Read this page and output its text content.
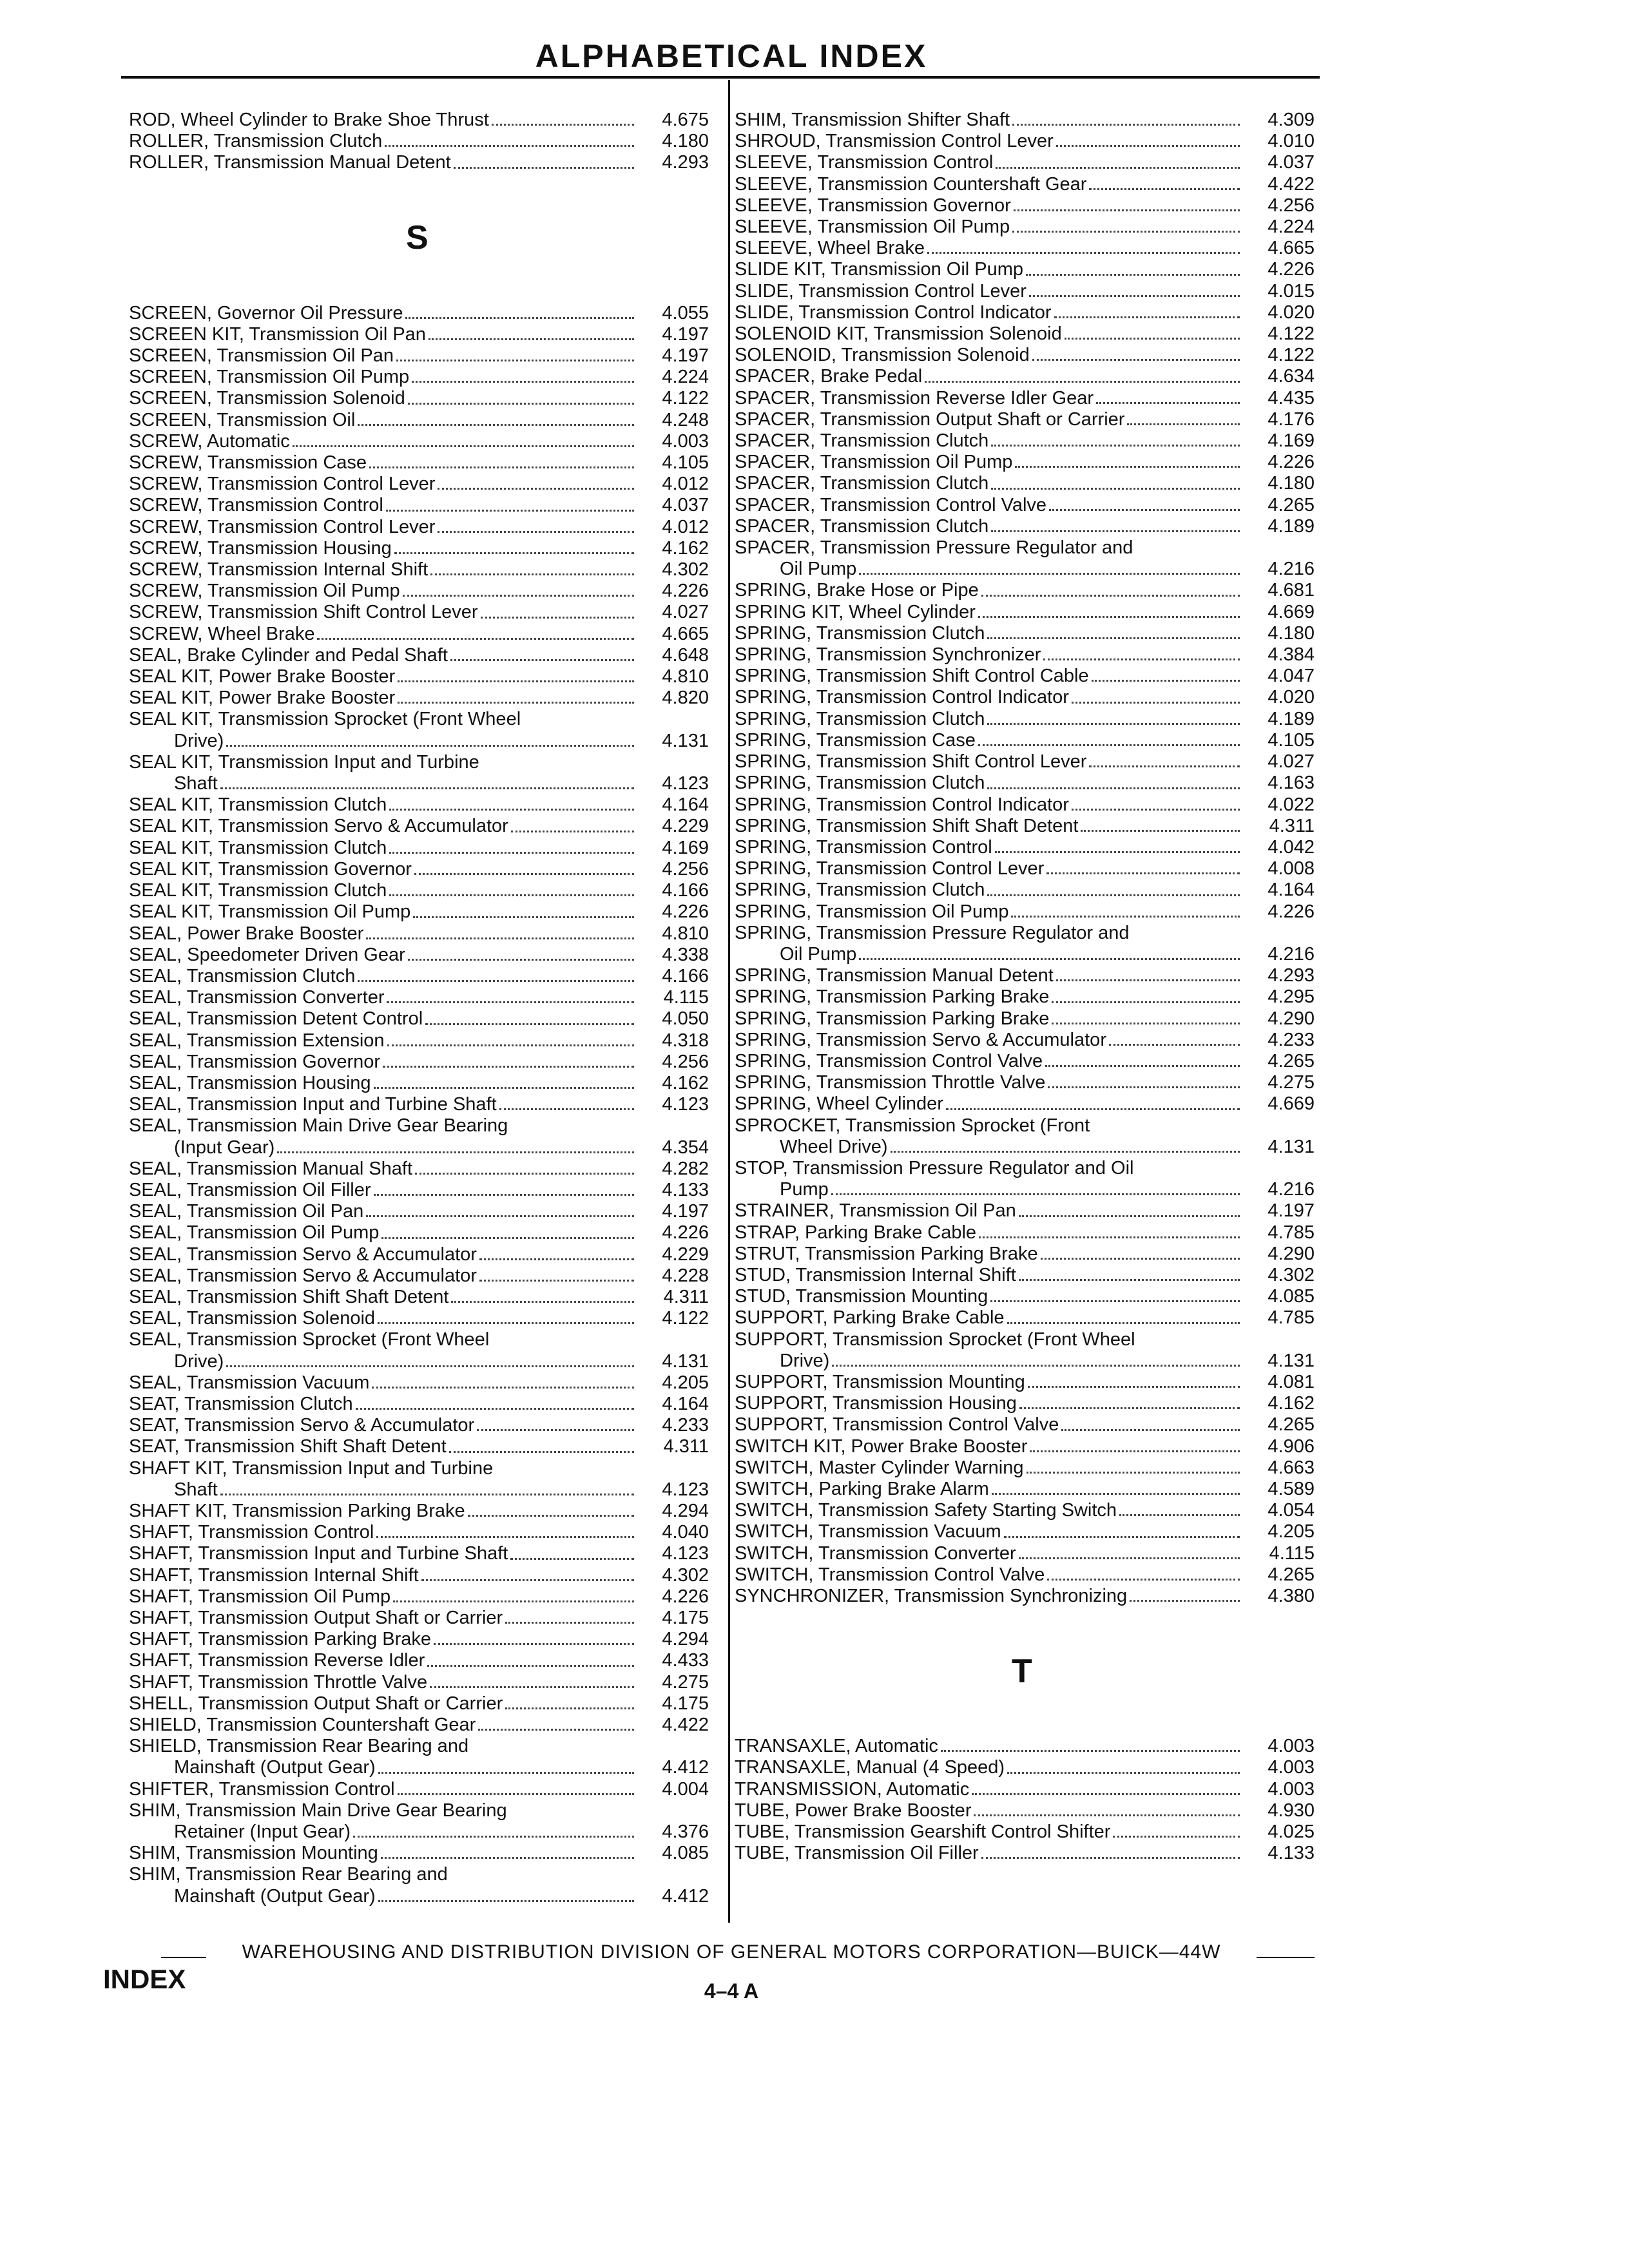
ALPHABETICAL INDEX
ROD, Wheel Cylinder to Brake Shoe Thrust	4.675
ROLLER, Transmission Clutch	4.180
ROLLER, Transmission Manual Detent	4.293
S
SCREEN, Governor Oil Pressure	4.055
SCREEN KIT, Transmission Oil Pan	4.197
SCREEN, Transmission Oil Pan	4.197
SCREEN, Transmission Oil Pump	4.224
SCREEN, Transmission Solenoid	4.122
SCREEN, Transmission Oil	4.248
SCREW, Automatic	4.003
SCREW, Transmission Case	4.105
SCREW, Transmission Control Lever	4.012
SCREW, Transmission Control	4.037
SCREW, Transmission Control Lever	4.012
SCREW, Transmission Housing	4.162
SCREW, Transmission Internal Shift	4.302
SCREW, Transmission Oil Pump	4.226
SCREW, Transmission Shift Control Lever	4.027
SCREW, Wheel Brake	4.665
SEAL, Brake Cylinder and Pedal Shaft	4.648
SEAL KIT, Power Brake Booster	4.810
SEAL KIT, Power Brake Booster	4.820
SEAL KIT, Transmission Sprocket (Front Wheel
Drive)	4.131
SEAL KIT, Transmission Input and Turbine
Shaft	4.123
SEAL KIT, Transmission Clutch	4.164
SEAL KIT, Transmission Servo & Accumulator	4.229
SEAL KIT, Transmission Clutch	4.169
SEAL KIT, Transmission Governor	4.256
SEAL KIT, Transmission Clutch	4.166
SEAL KIT, Transmission Oil Pump	4.226
SEAL, Power Brake Booster	4.810
SEAL, Speedometer Driven Gear	4.338
SEAL, Transmission Clutch	4.166
SEAL, Transmission Converter	4.115
SEAL, Transmission Detent Control	4.050
SEAL, Transmission Extension	4.318
SEAL, Transmission Governor	4.256
SEAL, Transmission Housing	4.162
SEAL, Transmission Input and Turbine Shaft	4.123
SEAL, Transmission Main Drive Gear Bearing
(Input Gear)	4.354
SEAL, Transmission Manual Shaft	4.282
SEAL, Transmission Oil Filler	4.133
SEAL, Transmission Oil Pan	4.197
SEAL, Transmission Oil Pump	4.226
SEAL, Transmission Servo & Accumulator	4.229
SEAL, Transmission Servo & Accumulator	4.228
SEAL, Transmission Shift Shaft Detent	4.311
SEAL, Transmission Solenoid	4.122
SEAL, Transmission Sprocket (Front Wheel
Drive)	4.131
SEAL, Transmission Vacuum	4.205
SEAT, Transmission Clutch	4.164
SEAT, Transmission Servo & Accumulator	4.233
SEAT, Transmission Shift Shaft Detent	4.311
SHAFT KIT, Transmission Input and Turbine
Shaft	4.123
SHAFT KIT, Transmission Parking Brake	4.294
SHAFT, Transmission Control	4.040
SHAFT, Transmission Input and Turbine Shaft	4.123
SHAFT, Transmission Internal Shift	4.302
SHAFT, Transmission Oil Pump	4.226
SHAFT, Transmission Output Shaft or Carrier	4.175
SHAFT, Transmission Parking Brake	4.294
SHAFT, Transmission Reverse Idler	4.433
SHAFT, Transmission Throttle Valve	4.275
SHELL, Transmission Output Shaft or Carrier	4.175
SHIELD, Transmission Countershaft Gear	4.422
SHIELD, Transmission Rear Bearing and
Mainshaft (Output Gear)	4.412
SHIFTER, Transmission Control	4.004
SHIM, Transmission Main Drive Gear Bearing
Retainer (Input Gear)	4.376
SHIM, Transmission Mounting	4.085
SHIM, Transmission Rear Bearing and
Mainshaft (Output Gear)	4.412
SHIM, Transmission Shifter Shaft	4.309
SHROUD, Transmission Control Lever	4.010
SLEEVE, Transmission Control	4.037
SLEEVE, Transmission Countershaft Gear	4.422
SLEEVE, Transmission Governor	4.256
SLEEVE, Transmission Oil Pump	4.224
SLEEVE, Wheel Brake	4.665
SLIDE KIT, Transmission Oil Pump	4.226
SLIDE, Transmission Control Lever	4.015
SLIDE, Transmission Control Indicator	4.020
SOLENOID KIT, Transmission Solenoid	4.122
SOLENOID, Transmission Solenoid	4.122
SPACER, Brake Pedal	4.634
SPACER, Transmission Reverse Idler Gear	4.435
SPACER, Transmission Output Shaft or Carrier	4.176
SPACER, Transmission Clutch	4.169
SPACER, Transmission Oil Pump	4.226
SPACER, Transmission Clutch	4.180
SPACER, Transmission Control Valve	4.265
SPACER, Transmission Clutch	4.189
SPACER, Transmission Pressure Regulator and
Oil Pump	4.216
SPRING, Brake Hose or Pipe	4.681
SPRING KIT, Wheel Cylinder	4.669
SPRING, Transmission Clutch	4.180
SPRING, Transmission Synchronizer	4.384
SPRING, Transmission Shift Control Cable	4.047
SPRING, Transmission Control Indicator	4.020
SPRING, Transmission Clutch	4.189
SPRING, Transmission Case	4.105
SPRING, Transmission Shift Control Lever	4.027
SPRING, Transmission Clutch	4.163
SPRING, Transmission Control Indicator	4.022
SPRING, Transmission Shift Shaft Detent	4.311
SPRING, Transmission Control	4.042
SPRING, Transmission Control Lever	4.008
SPRING, Transmission Clutch	4.164
SPRING, Transmission Oil Pump	4.226
SPRING, Transmission Pressure Regulator and
Oil Pump	4.216
SPRING, Transmission Manual Detent	4.293
SPRING, Transmission Parking Brake	4.295
SPRING, Transmission Parking Brake	4.290
SPRING, Transmission Servo & Accumulator	4.233
SPRING, Transmission Control Valve	4.265
SPRING, Transmission Throttle Valve	4.275
SPRING, Wheel Cylinder	4.669
SPROCKET, Transmission Sprocket (Front
Wheel Drive)	4.131
STOP, Transmission Pressure Regulator and Oil
Pump	4.216
STRAINER, Transmission Oil Pan	4.197
STRAP, Parking Brake Cable	4.785
STRUT, Transmission Parking Brake	4.290
STUD, Transmission Internal Shift	4.302
STUD, Transmission Mounting	4.085
SUPPORT, Parking Brake Cable	4.785
SUPPORT, Transmission Sprocket (Front Wheel
Drive)	4.131
SUPPORT, Transmission Mounting	4.081
SUPPORT, Transmission Housing	4.162
SUPPORT, Transmission Control Valve	4.265
SWITCH KIT, Power Brake Booster	4.906
SWITCH, Master Cylinder Warning	4.663
SWITCH, Parking Brake Alarm	4.589
SWITCH, Transmission Safety Starting Switch	4.054
SWITCH, Transmission Vacuum	4.205
SWITCH, Transmission Converter	4.115
SWITCH, Transmission Control Valve	4.265
SYNCHRONIZER, Transmission Synchronizing	4.380
T
TRANSAXLE, Automatic	4.003
TRANSAXLE, Manual (4 Speed)	4.003
TRANSMISSION, Automatic	4.003
TUBE, Power Brake Booster	4.930
TUBE, Transmission Gearshift Control Shifter	4.025
TUBE, Transmission Oil Filler	4.133
WAREHOUSING AND DISTRIBUTION DIVISION OF GENERAL MOTORS CORPORATION—BUICK—44W
INDEX	4–4 A
